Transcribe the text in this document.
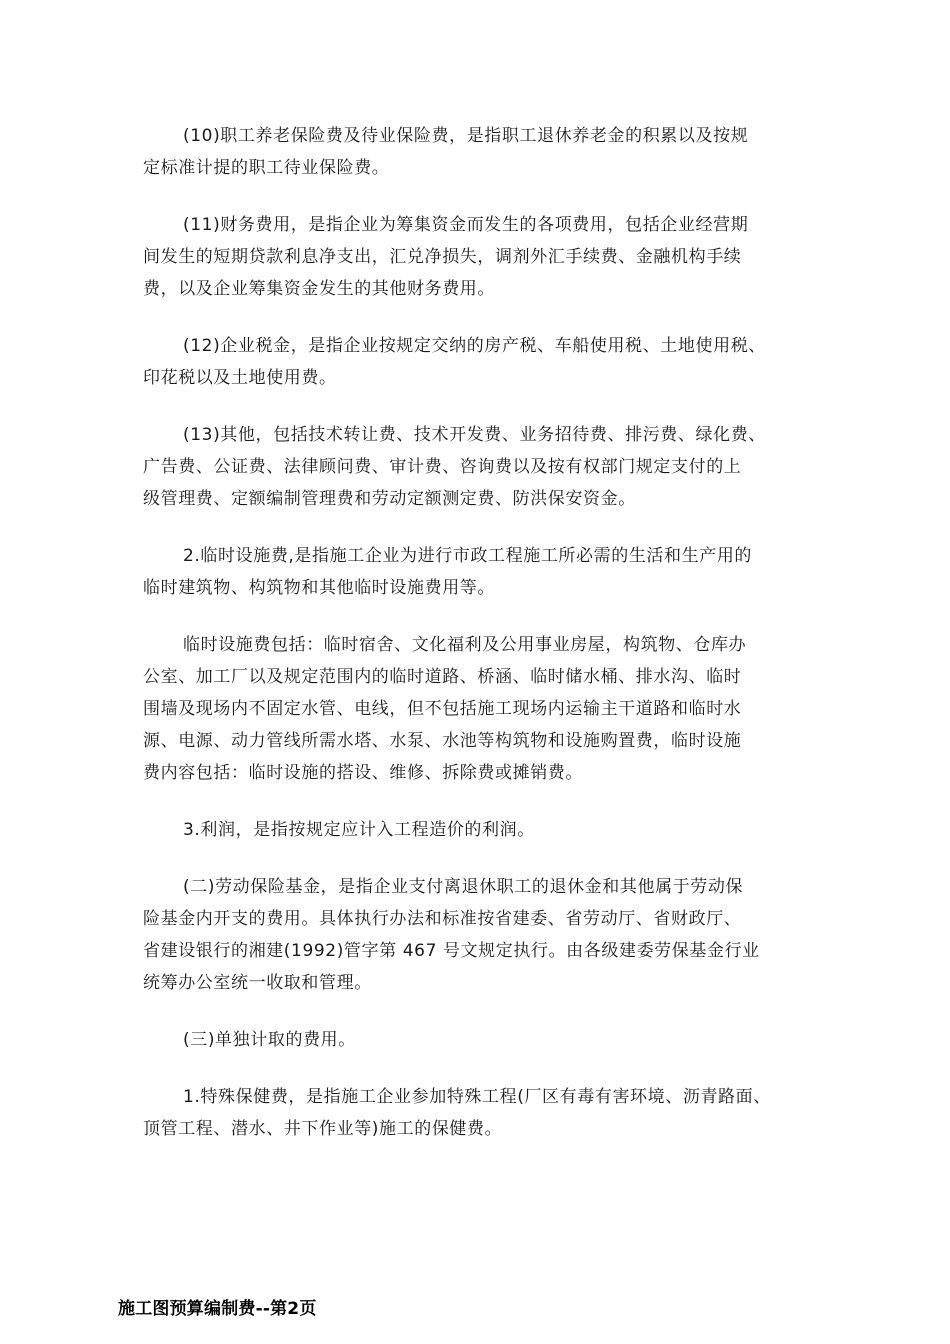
(10)职工养老保险费及待业保险费，是指职工退休养老金的积累以及按规
定标准计提的职工待业保险费。
(11)财务费用，是指企业为筹集资金而发生的各项费用，包括企业经营期
间发生的短期贷款利息净支出，汇兑净损失，调剂外汇手续费、金融机构手续
费，以及企业筹集资金发生的其他财务费用。
(12)企业税金，是指企业按规定交纳的房产税、车船使用税、土地使用税、
印花税以及土地使用费。
(13)其他，包括技术转让费、技术开发费、业务招待费、排污费、绿化费、
广告费、公证费、法律顾问费、审计费、咨询费以及按有权部门规定支付的上
级管理费、定额编制管理费和劳动定额测定费、防洪保安资金。
2.临时设施费,是指施工企业为进行市政工程施工所必需的生活和生产用的
临时建筑物、构筑物和其他临时设施费用等。
临时设施费包括：临时宿舍、文化福利及公用事业房屋，构筑物、仓库办
公室、加工厂以及规定范围内的临时道路、桥涵、临时储水桶、排水沟、临时
围墙及现场内不固定水管、电线，但不包括施工现场内运输主干道路和临时水
源、电源、动力管线所需水塔、水泵、水池等构筑物和设施购置费，临时设施
费内容包括：临时设施的搭设、维修、拆除费或摊销费。
3.利润，是指按规定应计入工程造价的利润。
(二)劳动保险基金，是指企业支付离退休职工的退休金和其他属于劳动保
险基金内开支的费用。具体执行办法和标准按省建委、省劳动厅、省财政厅、
省建设银行的湘建(1992)管字第 467 号文规定执行。由各级建委劳保基金行业
统筹办公室统一收取和管理。
(三)单独计取的费用。
1.特殊保健费，是指施工企业参加特殊工程(厂区有毒有害环境、沥青路面、
顶管工程、潜水、井下作业等)施工的保健费。
施工图预算编制费--第2页
